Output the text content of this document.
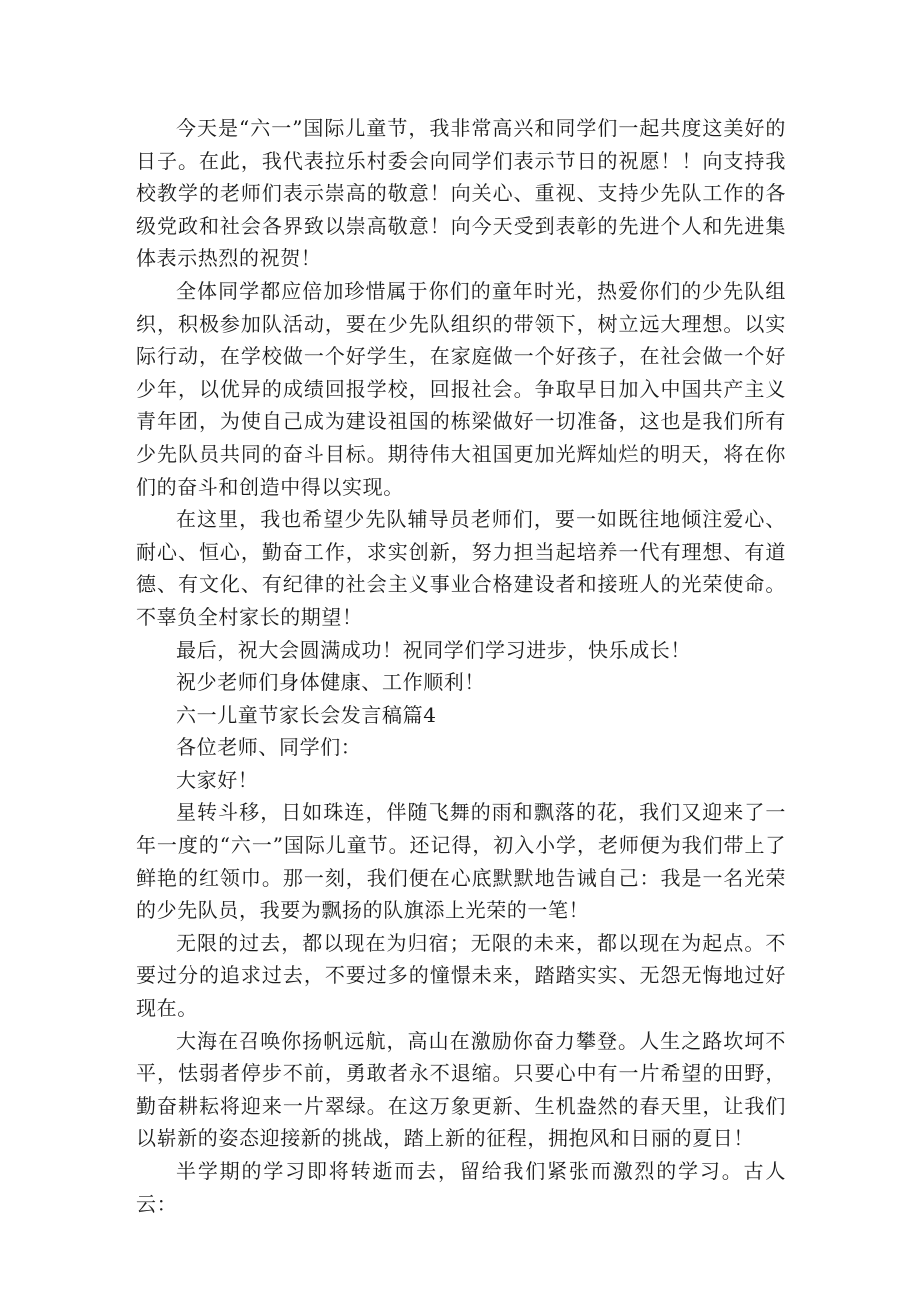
今天是“六一”国际儿童节，我非常高兴和同学们一起共度这美好的日子。在此，我代表拉乐村委会向同学们表示节日的祝愿！！向支持我校教学的老师们表示崇高的敬意！向关心、重视、支持少先队工作的各级党政和社会各界致以崇高敬意！向今天受到表彰的先进个人和先进集体表示热烈的祝贺！

全体同学都应倍加珍惜属于你们的童年时光，热爱你们的少先队组织，积极参加队活动，要在少先队组织的带领下，树立远大理想。以实际行动，在学校做一个好学生，在家庭做一个好孩子，在社会做一个好少年，以优异的成绩回报学校，回报社会。争取早日加入中国共产主义青年团，为使自己成为建设祖国的栋梁做好一切准备，这也是我们所有少先队员共同的奋斗目标。期待伟大祖国更加光辉灿烂的明天，将在你们的奋斗和创造中得以实现。

在这里，我也希望少先队辅导员老师们，要一如既往地倾注爱心、耐心、恒心，勤奋工作，求实创新，努力担当起培养一代有理想、有道德、有文化、有纪律的社会主义事业合格建设者和接班人的光荣使命。不辜负全村家长的期望！

最后，祝大会圆满成功！祝同学们学习进步，快乐成长！

祝少老师们身体健康、工作顺利！

六一儿童节家长会发言稿篇4

各位老师、同学们：

大家好！

星转斗移，日如珠连，伴随飞舞的雨和飘落的花，我们又迎来了一年一度的“六一”国际儿童节。还记得，初入小学，老师便为我们带上了鲜艳的红领巾。那一刻，我们便在心底默默地告诫自己：我是一名光荣的少先队员，我要为飘扬的队旗添上光荣的一笔！

无限的过去，都以现在为归宿；无限的未来，都以现在为起点。不要过分的追求过去，不要过多的憧憬未来，踏踏实实、无怨无悔地过好现在。

大海在召唤你扬帆远航，高山在激励你奋力攀登。人生之路坎坷不平，怯弱者停步不前，勇敢者永不退缩。只要心中有一片希望的田野，勤奋耕耘将迎来一片翠绿。在这万象更新、生机盎然的春天里，让我们以崭新的姿态迎接新的挑战，踏上新的征程，拥抱风和日丽的夏日！

半学期的学习即将转逝而去，留给我们紧张而激烈的学习。古人云：
